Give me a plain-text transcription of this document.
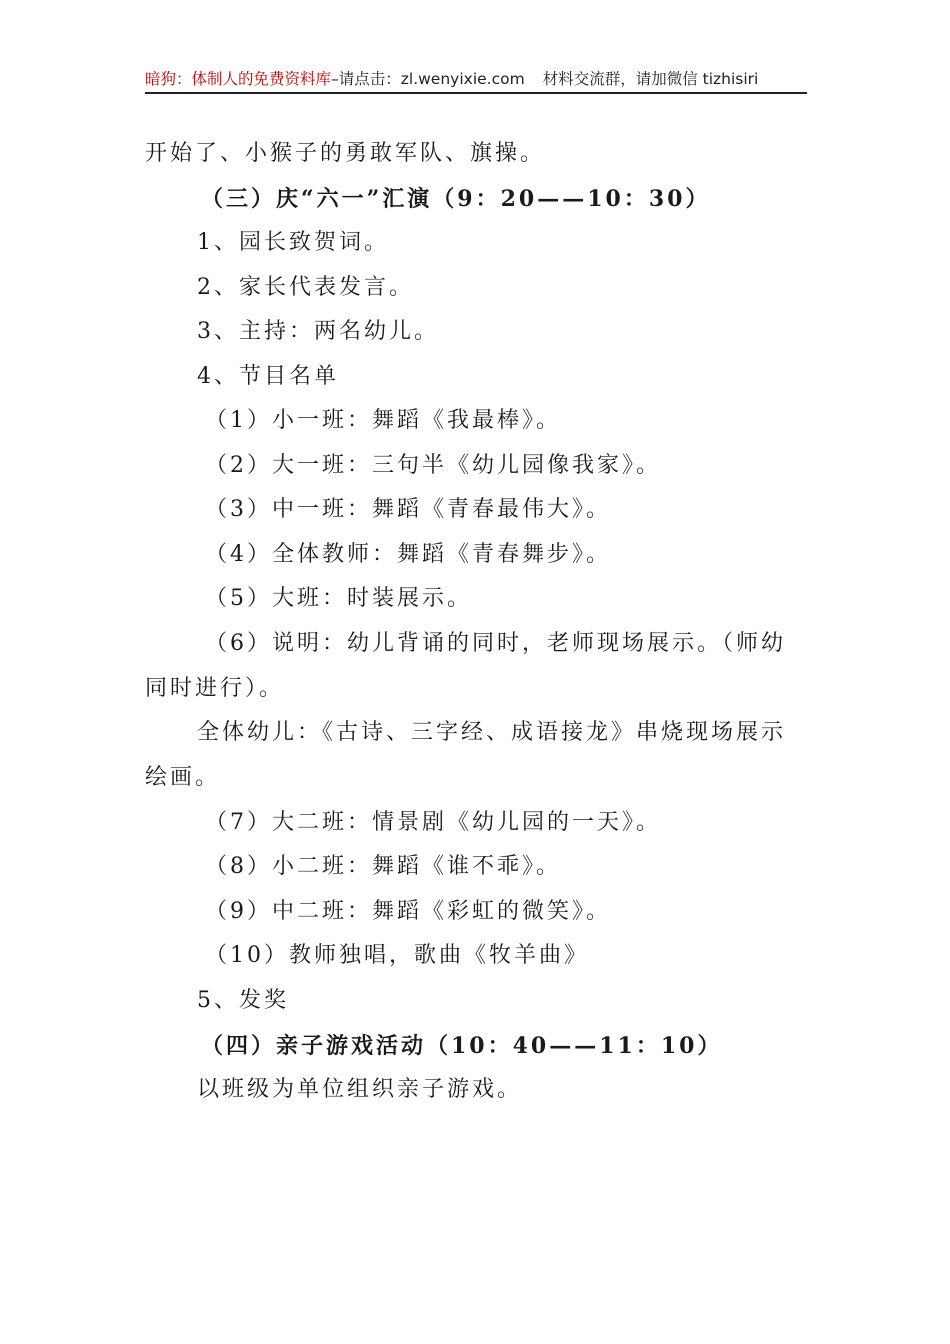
暗狗：体制人的免费资料库–请点击：zl.wenyixie.com 材料交流群，请加微信 tizhisiri
开始了、小猴子的勇敢军队、旗操。
（三）庆“六一”汇演（9：20——10：30）
1、园长致贺词。
2、家长代表发言。
3、主持：两名幼儿。
4、节目名单
（1）小一班：舞蹈《我最棒》。
（2）大一班：三句半《幼儿园像我家》。
（3）中一班：舞蹈《青春最伟大》。
（4）全体教师：舞蹈《青春舞步》。
（5）大班：时装展示。
（6）说明：幼儿背诵的同时，老师现场展示。（师幼
同时进行）。
全体幼儿：《古诗、三字经、成语接龙》串烧现场展示
绘画。
（7）大二班：情景剧《幼儿园的一天》。
（8）小二班：舞蹈《谁不乖》。
（9）中二班：舞蹈《彩虹的微笑》。
（10）教师独唱，歌曲《牧羊曲》
5、发奖
（四）亲子游戏活动（10：40——11：10）
以班级为单位组织亲子游戏。
